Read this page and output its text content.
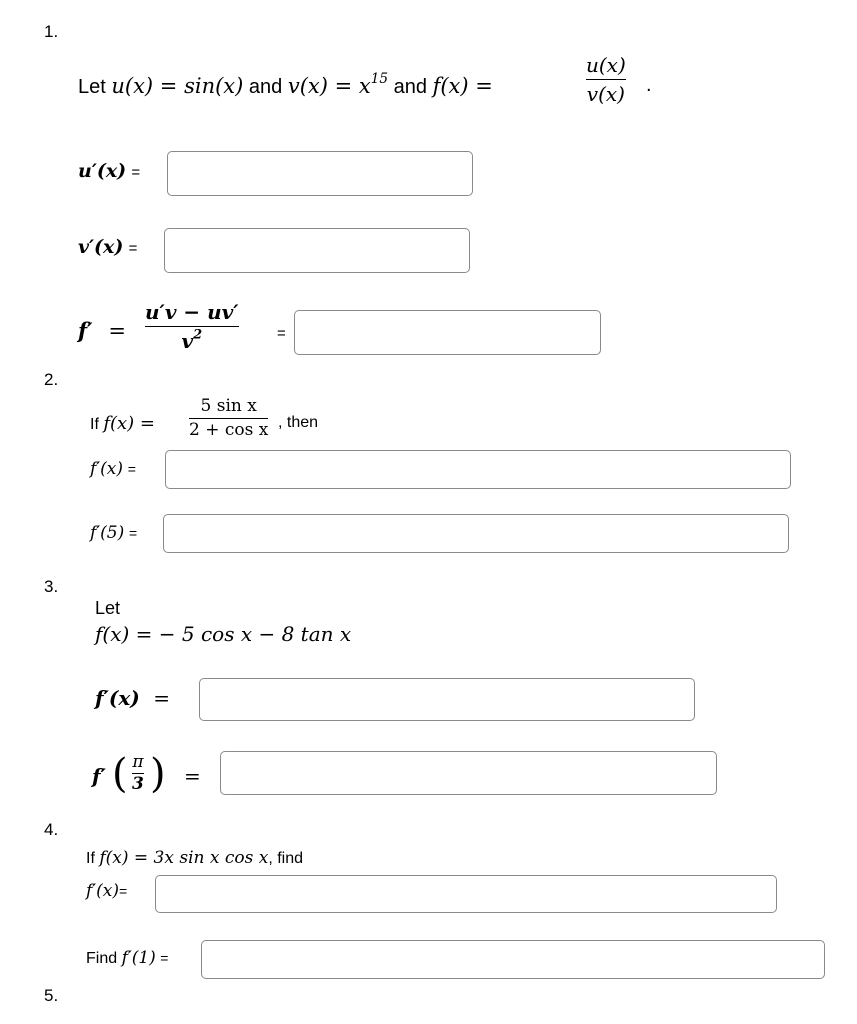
1.
Let u(x) = sin(x) and $v(x) = x^{15}$ and f(x) =
u(x)
v(x) .
u′(x) =
v′(x) =
f′ =
u′v − uv′
$v^2$	=
2.
If f(x) =
5 sin x
2 + cos x , then
f′(x) =
f′(5) =
3.
Let
f(x) = − 5 cos x − 8 tan x
f′(x) =
f′ ( π
3 ) =
4.
If f(x) = 3x sin x cos x, find
f′(x)=
Find f′(1) =
5.
